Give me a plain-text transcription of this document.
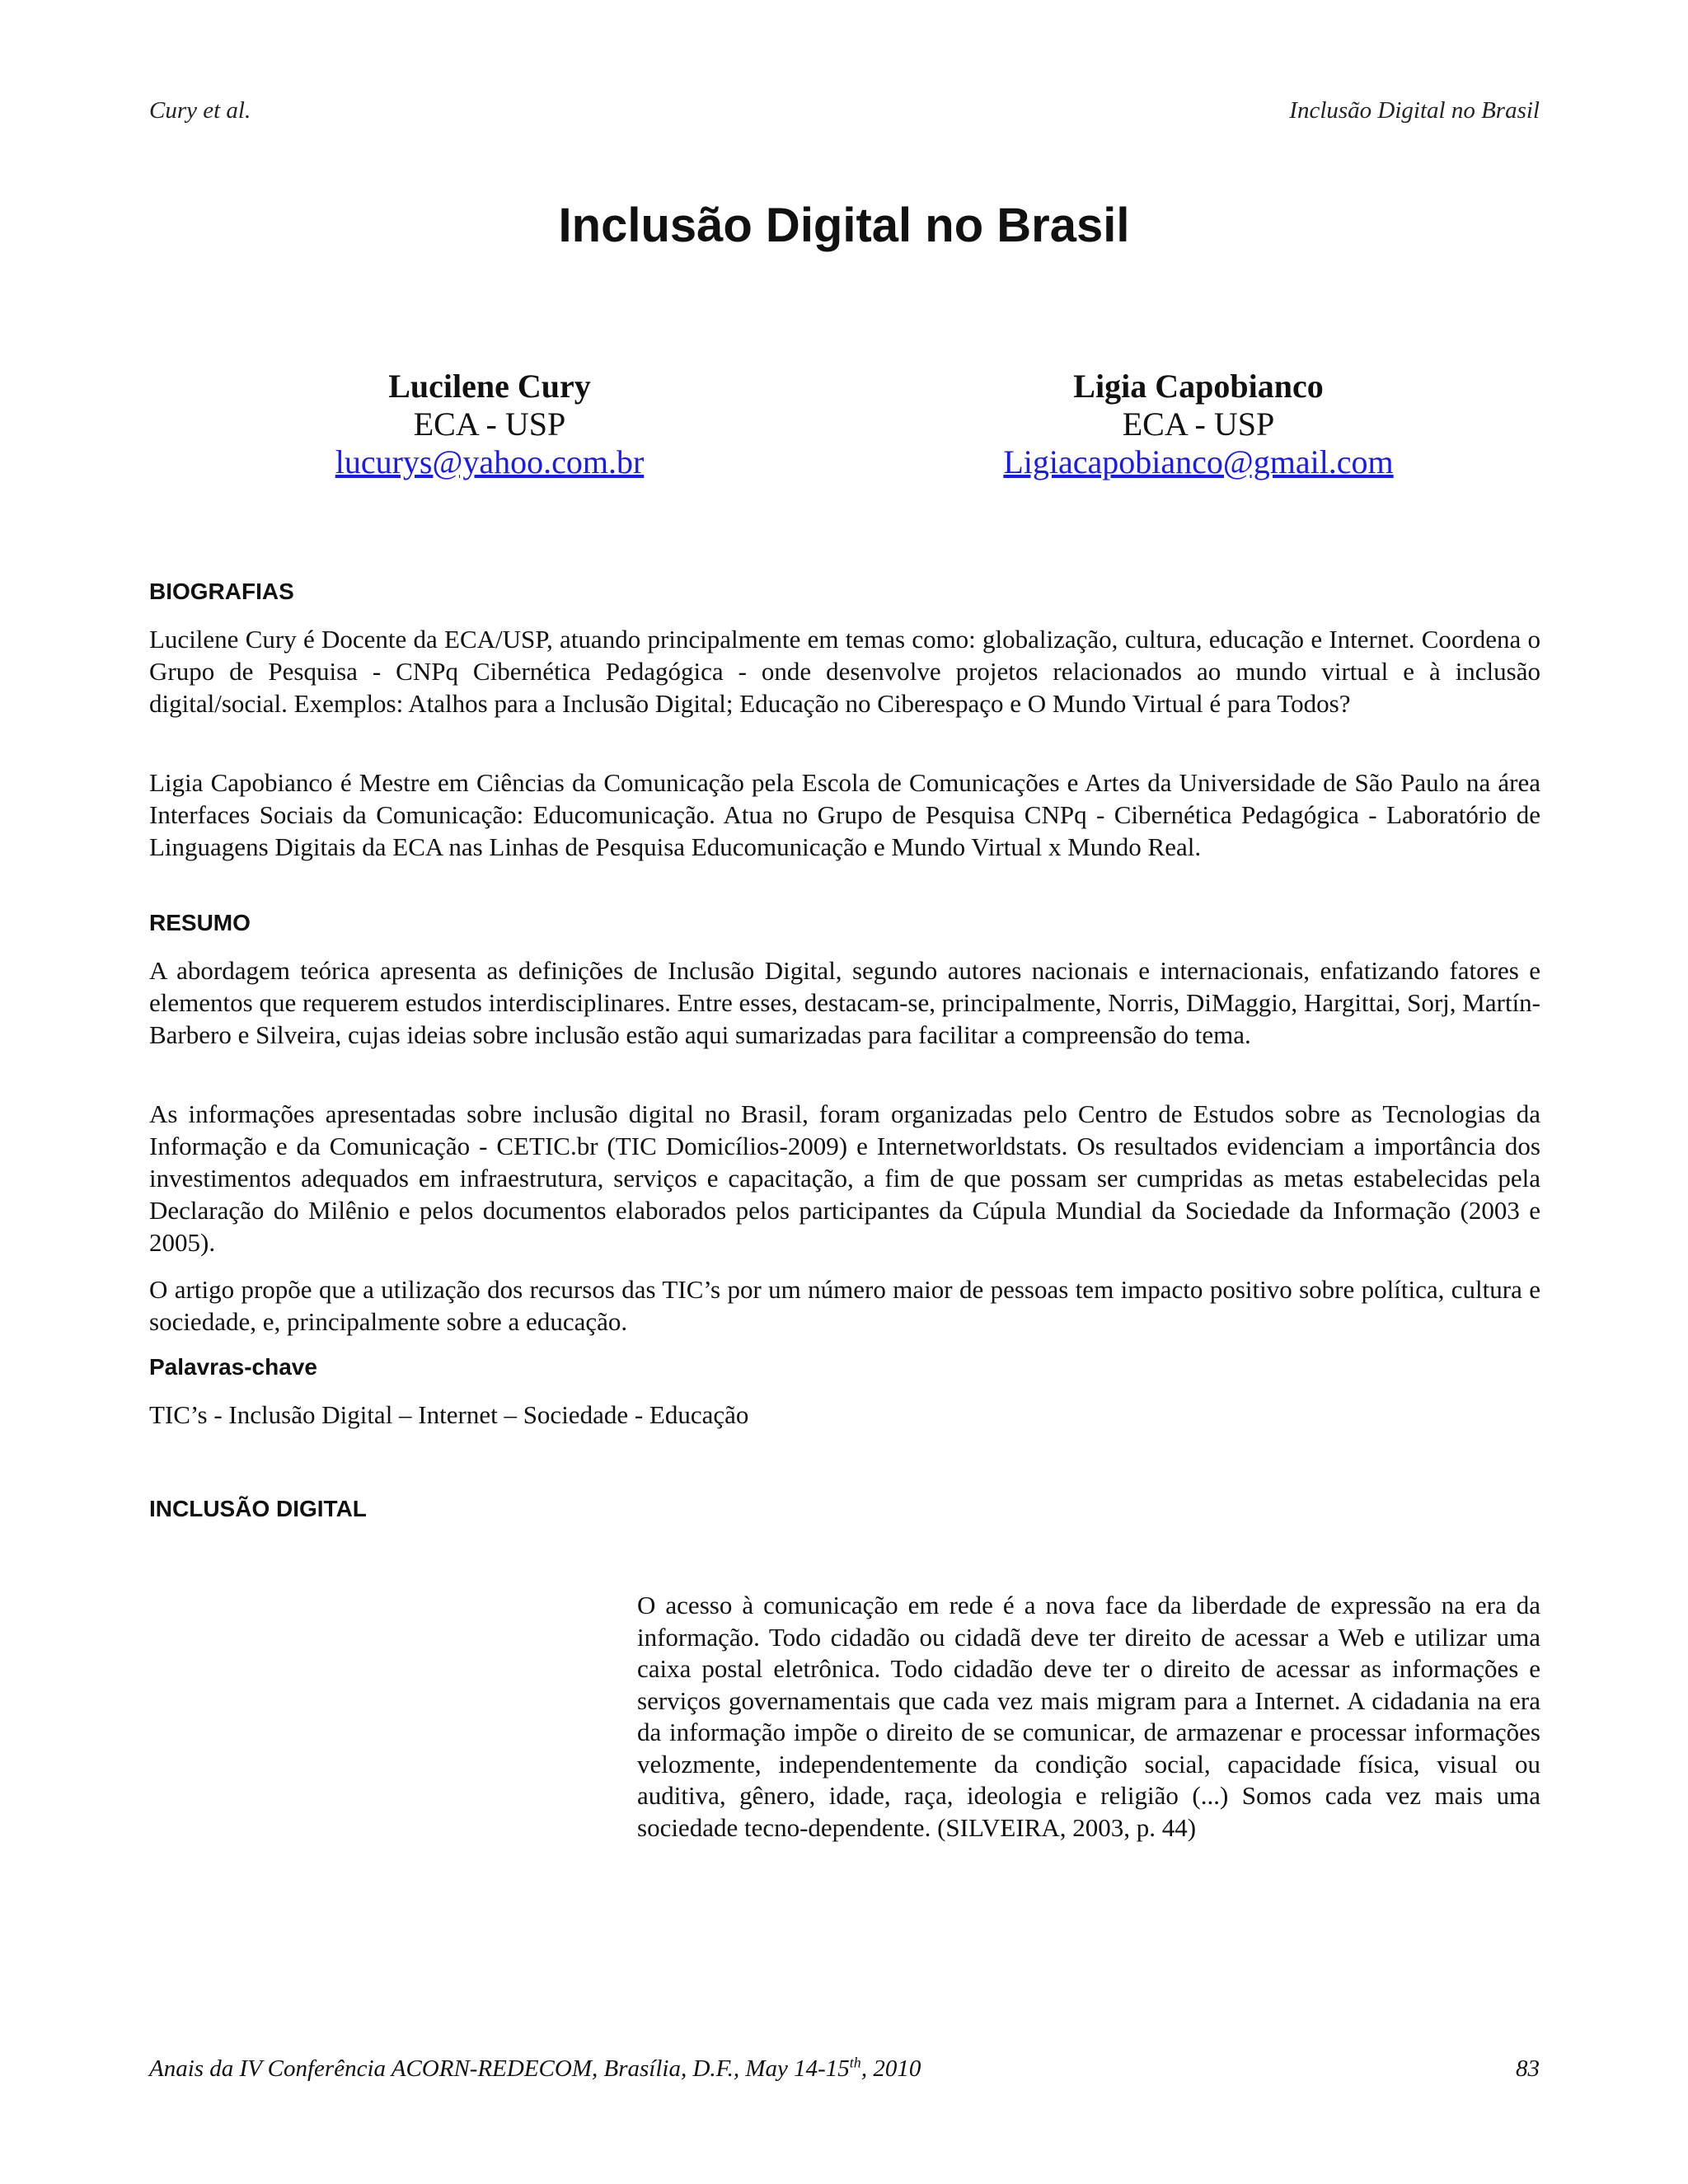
Cury et al.	Inclusão Digital no Brasil
Inclusão Digital no Brasil
Lucilene Cury
ECA - USP
lucurys@yahoo.com.br
Ligia Capobianco
ECA - USP
Ligiacapobianco@gmail.com
BIOGRAFIAS
Lucilene Cury é Docente da ECA/USP, atuando principalmente em temas como: globalização, cultura, educação e Internet. Coordena o Grupo de Pesquisa - CNPq Cibernética Pedagógica - onde desenvolve projetos relacionados ao mundo virtual e à inclusão digital/social. Exemplos: Atalhos para a Inclusão Digital; Educação no Ciberespaço e O Mundo Virtual é para Todos?
Ligia Capobianco é Mestre em Ciências da Comunicação pela Escola de Comunicações e Artes da Universidade de São Paulo na área Interfaces Sociais da Comunicação: Educomunicação. Atua no Grupo de Pesquisa CNPq - Cibernética Pedagógica - Laboratório de Linguagens Digitais da ECA nas Linhas de Pesquisa Educomunicação e Mundo Virtual x Mundo Real.
RESUMO
A abordagem teórica apresenta as definições de Inclusão Digital, segundo autores nacionais e internacionais, enfatizando fatores e elementos que requerem estudos interdisciplinares. Entre esses, destacam-se, principalmente, Norris, DiMaggio, Hargittai, Sorj, Martín-Barbero e Silveira, cujas ideias sobre inclusão estão aqui sumarizadas para facilitar a compreensão do tema.
As informações apresentadas sobre inclusão digital no Brasil, foram organizadas pelo Centro de Estudos sobre as Tecnologias da Informação e da Comunicação - CETIC.br (TIC Domicílios-2009) e Internetworldstats. Os resultados evidenciam a importância dos investimentos adequados em infraestrutura, serviços e capacitação, a fim de que possam ser cumpridas as metas estabelecidas pela Declaração do Milênio e pelos documentos elaborados pelos participantes da Cúpula Mundial da Sociedade da Informação (2003 e 2005).
O artigo propõe que a utilização dos recursos das TIC’s por um número maior de pessoas tem impacto positivo sobre política, cultura e sociedade, e, principalmente sobre a educação.
Palavras-chave
TIC’s - Inclusão Digital – Internet – Sociedade - Educação
INCLUSÃO DIGITAL
O acesso à comunicação em rede é a nova face da liberdade de expressão na era da informação. Todo cidadão ou cidadã deve ter direito de acessar a Web e utilizar uma caixa postal eletrônica. Todo cidadão deve ter o direito de acessar as informações e serviços governamentais que cada vez mais migram para a Internet. A cidadania na era da informação impõe o direito de se comunicar, de armazenar e processar informações velozmente, independentemente da condição social, capacidade física, visual ou auditiva, gênero, idade, raça, ideologia e religião (...) Somos cada vez mais uma sociedade tecno-dependente. (SILVEIRA, 2003, p. 44)
Anais da IV Conferência ACORN-REDECOM, Brasília, D.F., May 14-15th, 2010	83
